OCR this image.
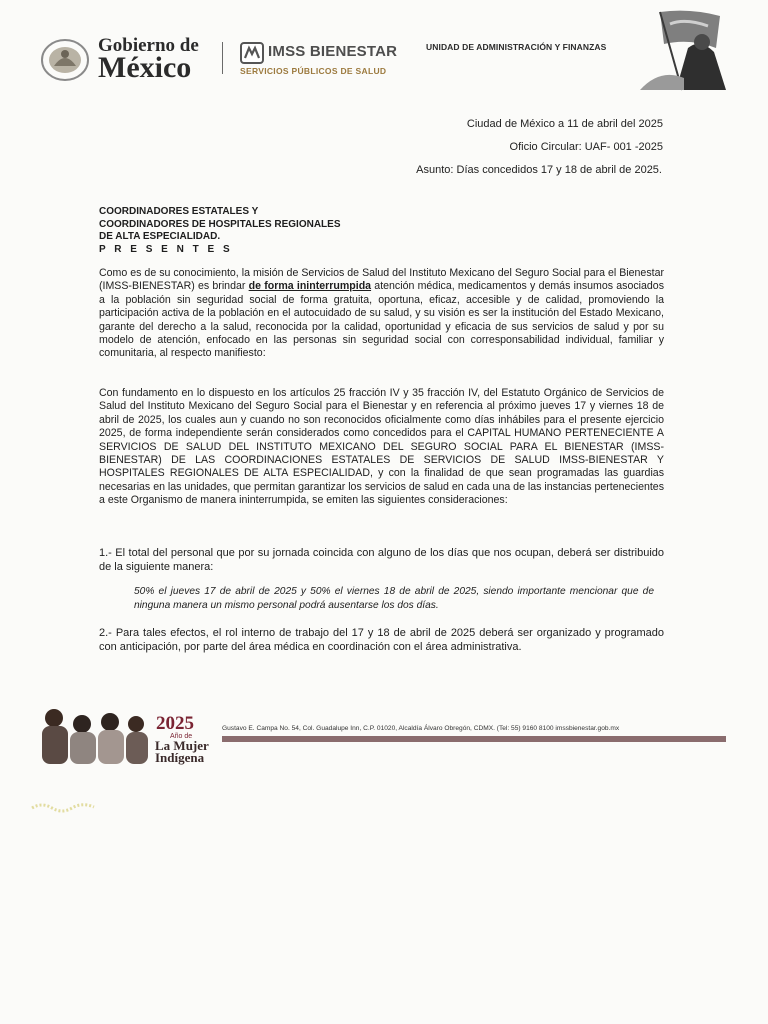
Gobierno de
México	IMSS BIENESTAR
SERVICIOS PÚBLICOS DE SALUD
UNIDAD DE ADMINISTRACIÓN Y FINANZAS
Ciudad de México a 11 de abril del 2025
Oficio Circular: UAF- 001 -2025
Asunto: Días concedidos 17 y 18 de abril de 2025.
COORDINADORES ESTATALES Y
COORDINADORES DE HOSPITALES REGIONALES
DE ALTA ESPECIALIDAD.
P R E S E N T E S
Como es de su conocimiento, la misión de Servicios de Salud del Instituto Mexicano del Seguro Social para el Bienestar (IMSS-BIENESTAR) es brindar de forma ininterrumpida atención médica, medicamentos y demás insumos asociados a la población sin seguridad social de forma gratuita, oportuna, eficaz, accesible y de calidad, promoviendo la participación activa de la población en el autocuidado de su salud, y su visión es ser la institución del Estado Mexicano, garante del derecho a la salud, reconocida por la calidad, oportunidad y eficacia de sus servicios de salud y por su modelo de atención, enfocado en las personas sin seguridad social con corresponsabilidad individual, familiar y comunitaria, al respecto manifiesto:
Con fundamento en lo dispuesto en los artículos 25 fracción IV y 35 fracción IV, del Estatuto Orgánico de Servicios de Salud del Instituto Mexicano del Seguro Social para el Bienestar y en referencia al próximo jueves 17 y viernes 18 de abril de 2025, los cuales aun y cuando no son reconocidos oficialmente como días inhábiles para el presente ejercicio 2025, de forma independiente serán considerados como concedidos para el CAPITAL HUMANO PERTENECIENTE A SERVICIOS DE SALUD DEL INSTITUTO MEXICANO DEL SEGURO SOCIAL PARA EL BIENESTAR (IMSS-BIENESTAR) DE LAS COORDINACIONES ESTATALES DE SERVICIOS DE SALUD IMSS-BIENESTAR Y HOSPITALES REGIONALES DE ALTA ESPECIALIDAD, y con la finalidad de que sean programadas las guardias necesarias en las unidades, que permitan garantizar los servicios de salud en cada una de las instancias pertenecientes a este Organismo de manera ininterrumpida, se emiten las siguientes consideraciones:
1.- El total del personal que por su jornada coincida con alguno de los días que nos ocupan, deberá ser distribuido de la siguiente manera:
50% el jueves 17 de abril de 2025 y 50% el viernes 18 de abril de 2025, siendo importante mencionar que de ninguna manera un mismo personal podrá ausentarse los dos días.
2.- Para tales efectos, el rol interno de trabajo del 17 y 18 de abril de 2025 deberá ser organizado y programado con anticipación, por parte del área médica en coordinación con el área administrativa.
2025
Año de
La Mujer
Indígena
Gustavo E. Campa No. 54, Col. Guadalupe Inn, C.P. 01020, Alcaldía Álvaro Obregón, CDMX. (Tel: 55) 9160 8100 imssbienestar.gob.mx
